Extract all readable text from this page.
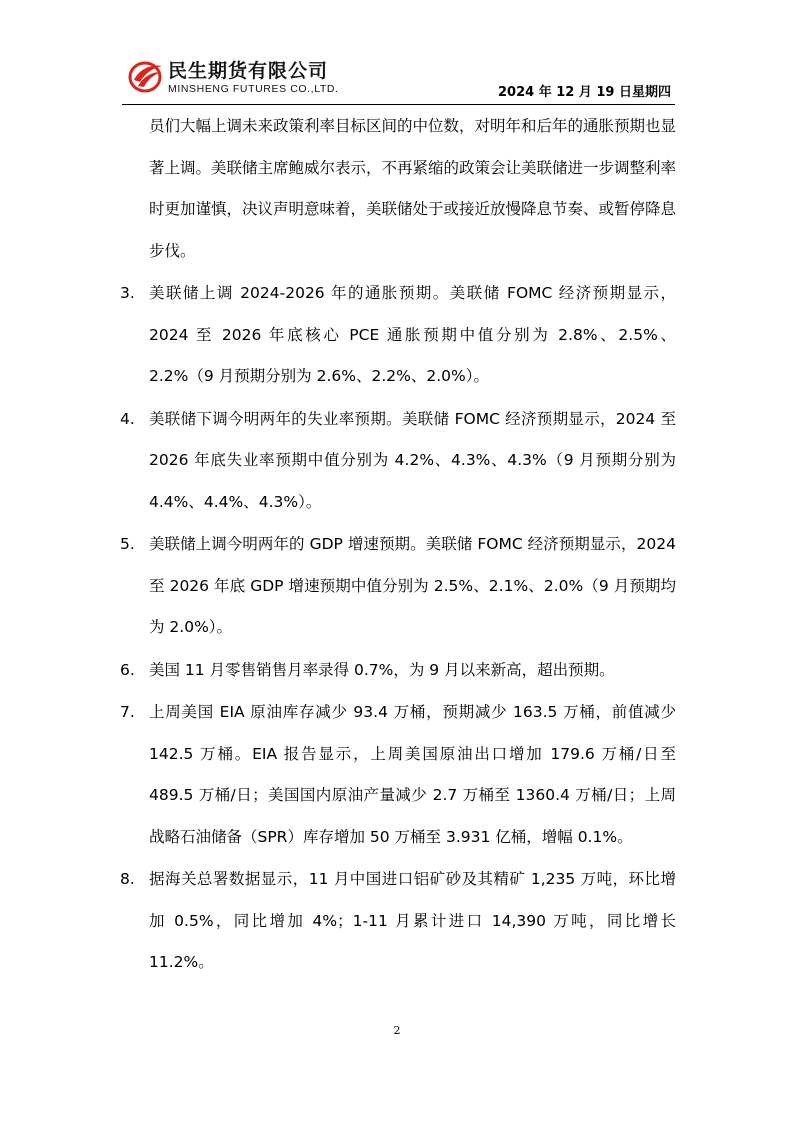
民生期货有限公司
MINSHENG FUTURES CO.,LTD.	2024 年 12 月 19 日星期四

员们大幅上调未来政策利率目标区间的中位数，对明年和后年的通胀预期也显著上调。美联储主席鲍威尔表示，不再紧缩的政策会让美联储进一步调整利率时更加谨慎，决议声明意味着，美联储处于或接近放慢降息节奏、或暂停降息步伐。

3. 美联储上调 2024-2026 年的通胀预期。美联储 FOMC 经济预期显示，2024 至 2026 年底核心 PCE 通胀预期中值分别为 2.8%、2.5%、2.2%（9 月预期分别为 2.6%、2.2%、2.0%）。

4. 美联储下调今明两年的失业率预期。美联储 FOMC 经济预期显示，2024 至 2026 年底失业率预期中值分别为 4.2%、4.3%、4.3%（9 月预期分别为 4.4%、4.4%、4.3%）。

5. 美联储上调今明两年的 GDP 增速预期。美联储 FOMC 经济预期显示，2024 至 2026 年底 GDP 增速预期中值分别为 2.5%、2.1%、2.0%（9 月预期均为 2.0%）。

6. 美国 11 月零售销售月率录得 0.7%，为 9 月以来新高，超出预期。

7. 上周美国 EIA 原油库存减少 93.4 万桶，预期减少 163.5 万桶，前值减少 142.5 万桶。EIA 报告显示，上周美国原油出口增加 179.6 万桶/日至 489.5 万桶/日；美国国内原油产量减少 2.7 万桶至 1360.4 万桶/日；上周战略石油储备（SPR）库存增加 50 万桶至 3.931 亿桶，增幅 0.1%。

8. 据海关总署数据显示，11 月中国进口铝矿砂及其精矿 1,235 万吨，环比增加 0.5%，同比增加 4%；1-11 月累计进口 14,390 万吨，同比增长 11.2%。

2
